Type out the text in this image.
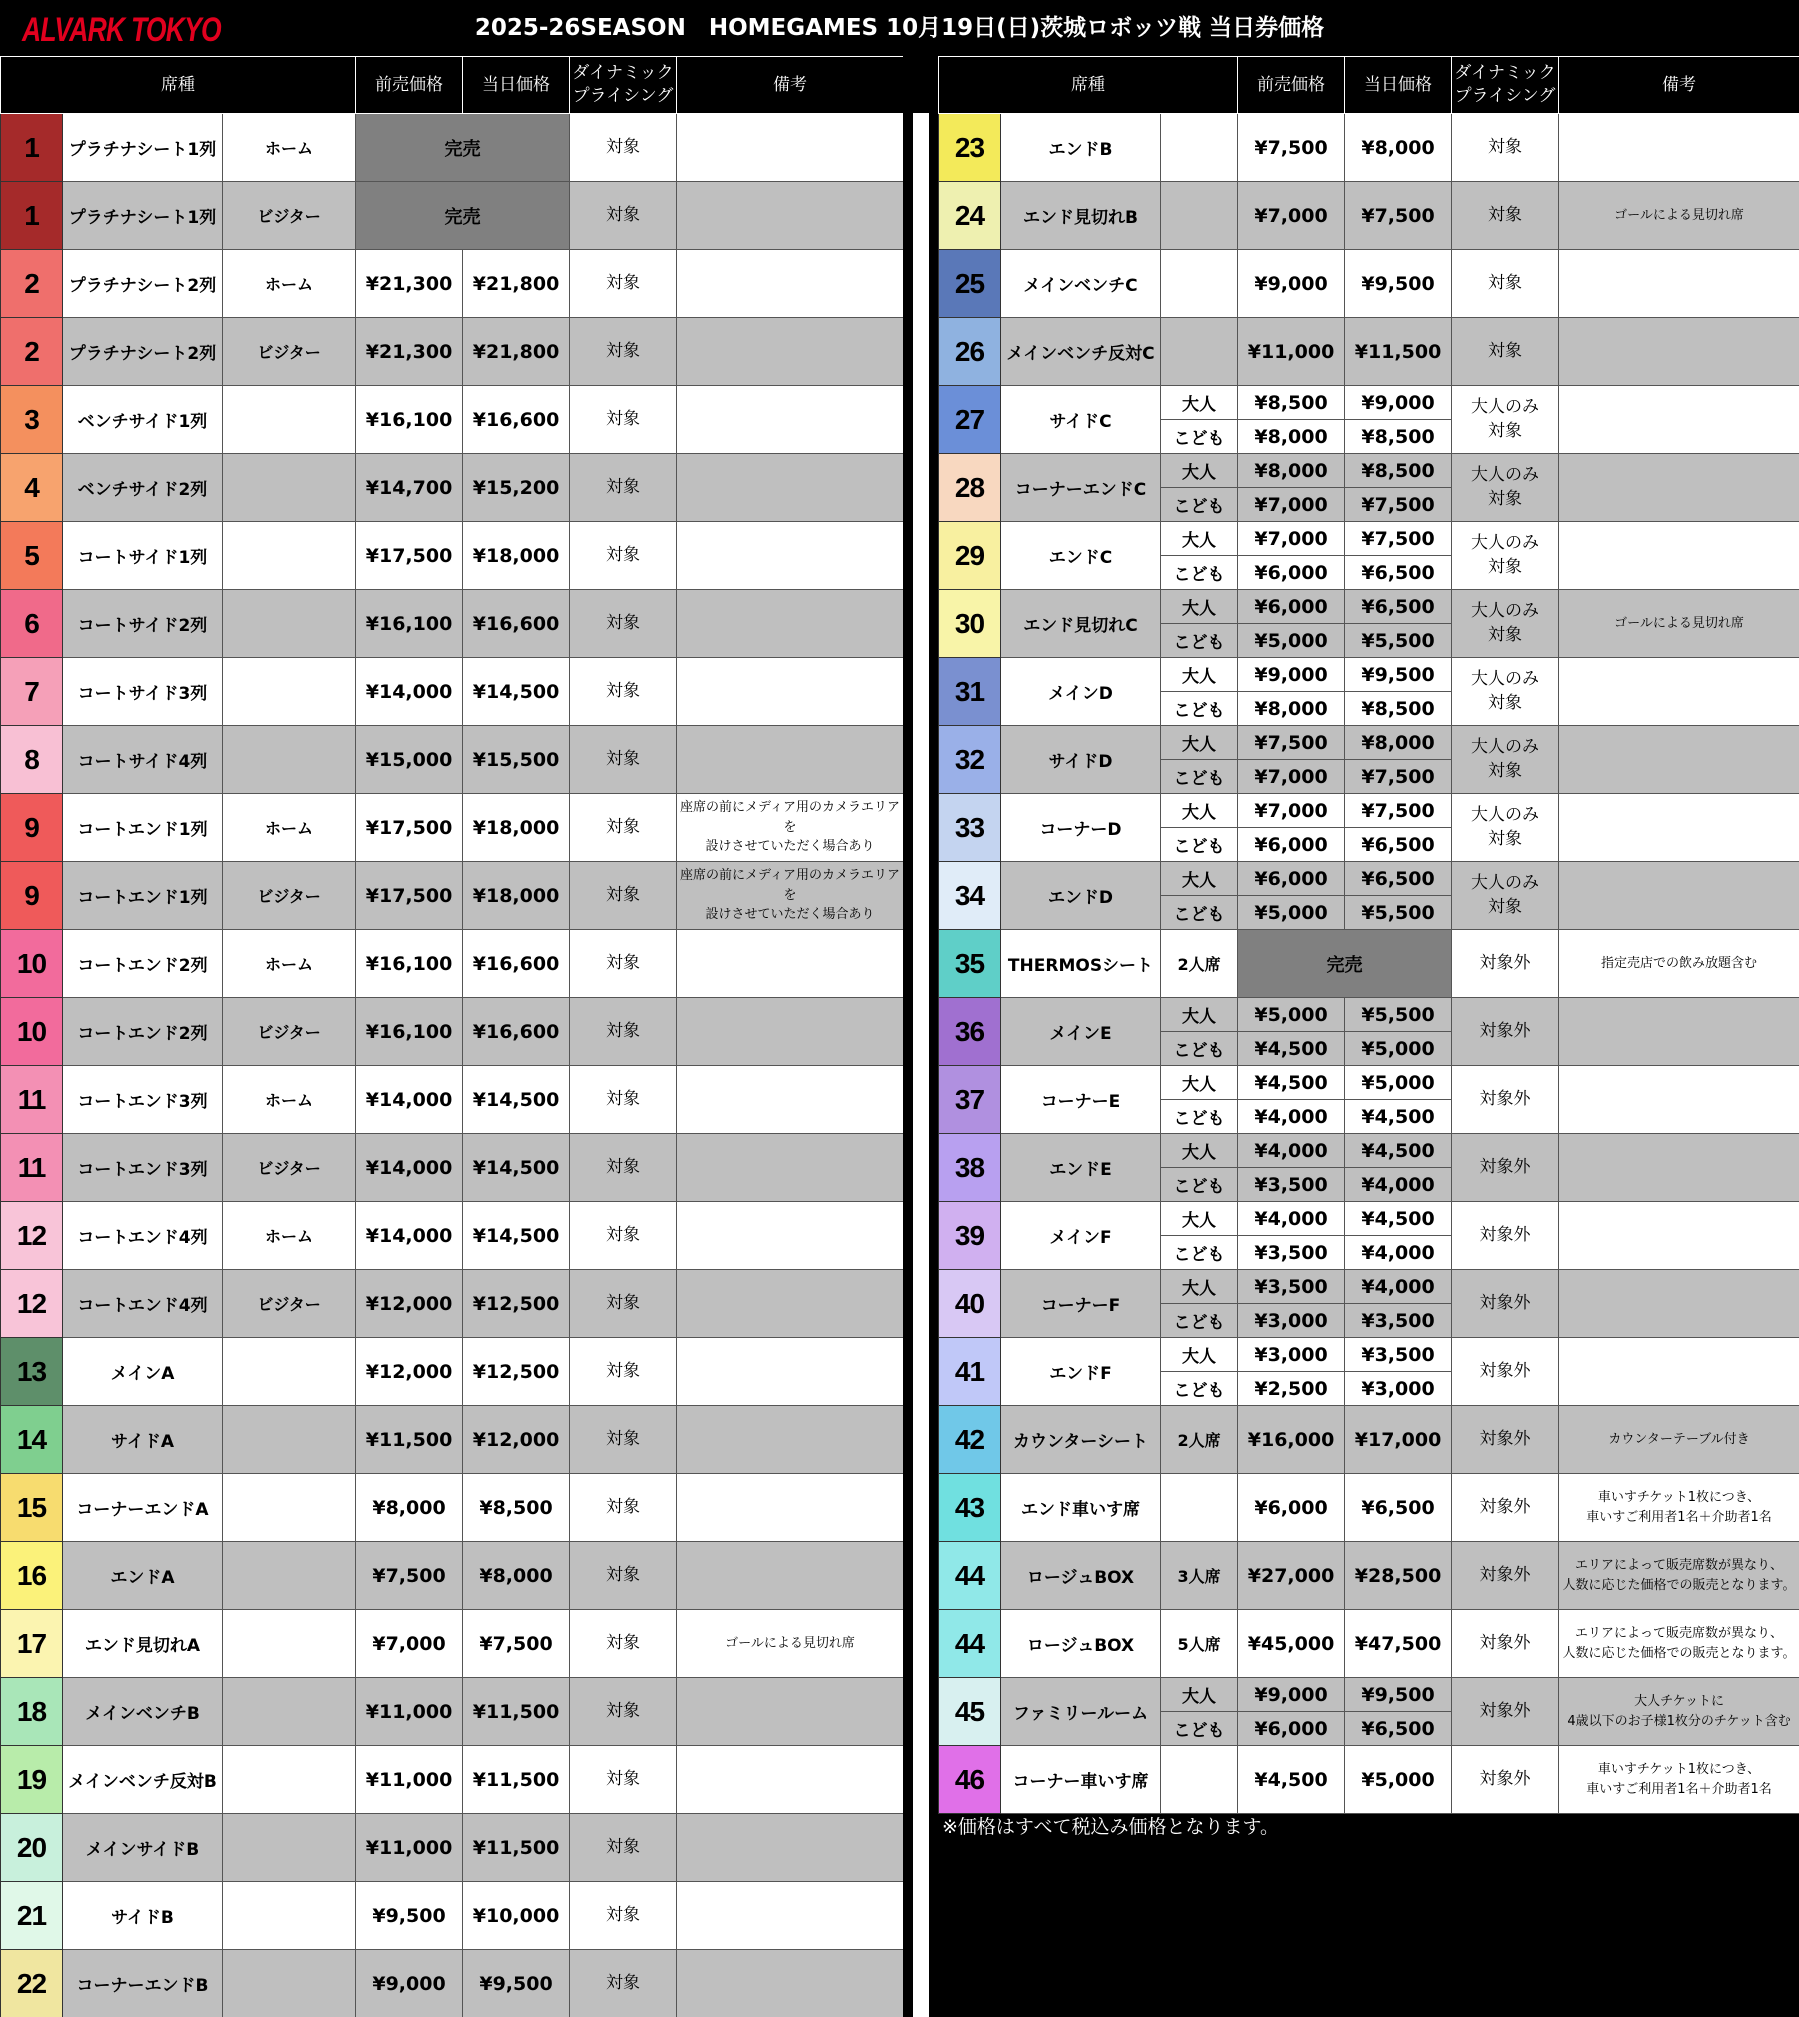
ALVARK TOKYO	2025-26SEASON　HOMEGAMES 10月19日(日)茨城ロボッツ戦 当日券価格
席種			前売価格	当日価格	ダイナミック
プライシング	備考
1	プラチナシート1列	ホーム	完売		対象	
1	プラチナシート1列	ビジター	完売		対象	
2	プラチナシート2列	ホーム	¥21,300	¥21,800	対象	
2	プラチナシート2列	ビジター	¥21,300	¥21,800	対象	
3	ベンチサイド1列		¥16,100	¥16,600	対象	
4	ベンチサイド2列		¥14,700	¥15,200	対象	
5	コートサイド1列		¥17,500	¥18,000	対象	
6	コートサイド2列		¥16,100	¥16,600	対象	
7	コートサイド3列		¥14,000	¥14,500	対象	
8	コートサイド4列		¥15,000	¥15,500	対象	
9	コートエンド1列	ホーム	¥17,500	¥18,000	対象	座席の前にメディア用のカメラエリアを
設けさせていただく場合あり
9	コートエンド1列	ビジター	¥17,500	¥18,000	対象	座席の前にメディア用のカメラエリアを
設けさせていただく場合あり
10	コートエンド2列	ホーム	¥16,100	¥16,600	対象	
10	コートエンド2列	ビジター	¥16,100	¥16,600	対象	
11	コートエンド3列	ホーム	¥14,000	¥14,500	対象	
11	コートエンド3列	ビジター	¥14,000	¥14,500	対象	
12	コートエンド4列	ホーム	¥14,000	¥14,500	対象	
12	コートエンド4列	ビジター	¥12,000	¥12,500	対象	
13	メインA		¥12,000	¥12,500	対象	
14	サイドA		¥11,500	¥12,000	対象	
15	コーナーエンドA		¥8,000	¥8,500	対象	
16	エンドA		¥7,500	¥8,000	対象	
17	エンド見切れA		¥7,000	¥7,500	対象	ゴールによる見切れ席
18	メインベンチB		¥11,000	¥11,500	対象	
19	メインベンチ反対B		¥11,000	¥11,500	対象	
20	メインサイドB		¥11,000	¥11,500	対象	
21	サイドB		¥9,500	¥10,000	対象	
22	コーナーエンドB		¥9,000	¥9,500	対象	
席種			前売価格	当日価格	ダイナミック
プライシング	備考
23	エンドB		¥7,500	¥8,000	対象	
24	エンド見切れB		¥7,000	¥7,500	対象	ゴールによる見切れ席
25	メインベンチC		¥9,000	¥9,500	対象	
26	メインベンチ反対C		¥11,000	¥11,500	対象	
27	サイドC	大人	¥8,500	¥9,000	大人のみ
対象	
		こども	¥8,000	¥8,500		
28	コーナーエンドC	大人	¥8,000	¥8,500	大人のみ
対象	
		こども	¥7,000	¥7,500		
29	エンドC	大人	¥7,000	¥7,500	大人のみ
対象	
		こども	¥6,000	¥6,500		
30	エンド見切れC	大人	¥6,000	¥6,500	大人のみ
対象	ゴールによる見切れ席
		こども	¥5,000	¥5,500		
31	メインD	大人	¥9,000	¥9,500	大人のみ
対象	
		こども	¥8,000	¥8,500		
32	サイドD	大人	¥7,500	¥8,000	大人のみ
対象	
		こども	¥7,000	¥7,500		
33	コーナーD	大人	¥7,000	¥7,500	大人のみ
対象	
		こども	¥6,000	¥6,500		
34	エンドD	大人	¥6,000	¥6,500	大人のみ
対象	
		こども	¥5,000	¥5,500		
35	THERMOSシート	2人席	完売		対象外	指定売店での飲み放題含む
36	メインE	大人	¥5,000	¥5,500	対象外	
		こども	¥4,500	¥5,000		
37	コーナーE	大人	¥4,500	¥5,000	対象外	
		こども	¥4,000	¥4,500		
38	エンドE	大人	¥4,000	¥4,500	対象外	
		こども	¥3,500	¥4,000		
39	メインF	大人	¥4,000	¥4,500	対象外	
		こども	¥3,500	¥4,000		
40	コーナーF	大人	¥3,500	¥4,000	対象外	
		こども	¥3,000	¥3,500		
41	エンドF	大人	¥3,000	¥3,500	対象外	
		こども	¥2,500	¥3,000		
42	カウンターシート	2人席	¥16,000	¥17,000	対象外	カウンターテーブル付き
43	エンド車いす席		¥6,000	¥6,500	対象外	車いすチケット1枚につき、
車いすご利用者1名＋介助者1名
44	ロージュBOX	3人席	¥27,000	¥28,500	対象外	エリアによって販売席数が異なり、
人数に応じた価格での販売となります。
44	ロージュBOX	5人席	¥45,000	¥47,500	対象外	エリアによって販売席数が異なり、
人数に応じた価格での販売となります。
45	ファミリールーム	大人	¥9,000	¥9,500	対象外	大人チケットに
4歳以下のお子様1枚分のチケット含む
		こども	¥6,000	¥6,500		
46	コーナー車いす席		¥4,500	¥5,000	対象外	車いすチケット1枚につき、
車いすご利用者1名＋介助者1名
※価格はすべて税込み価格となります。
